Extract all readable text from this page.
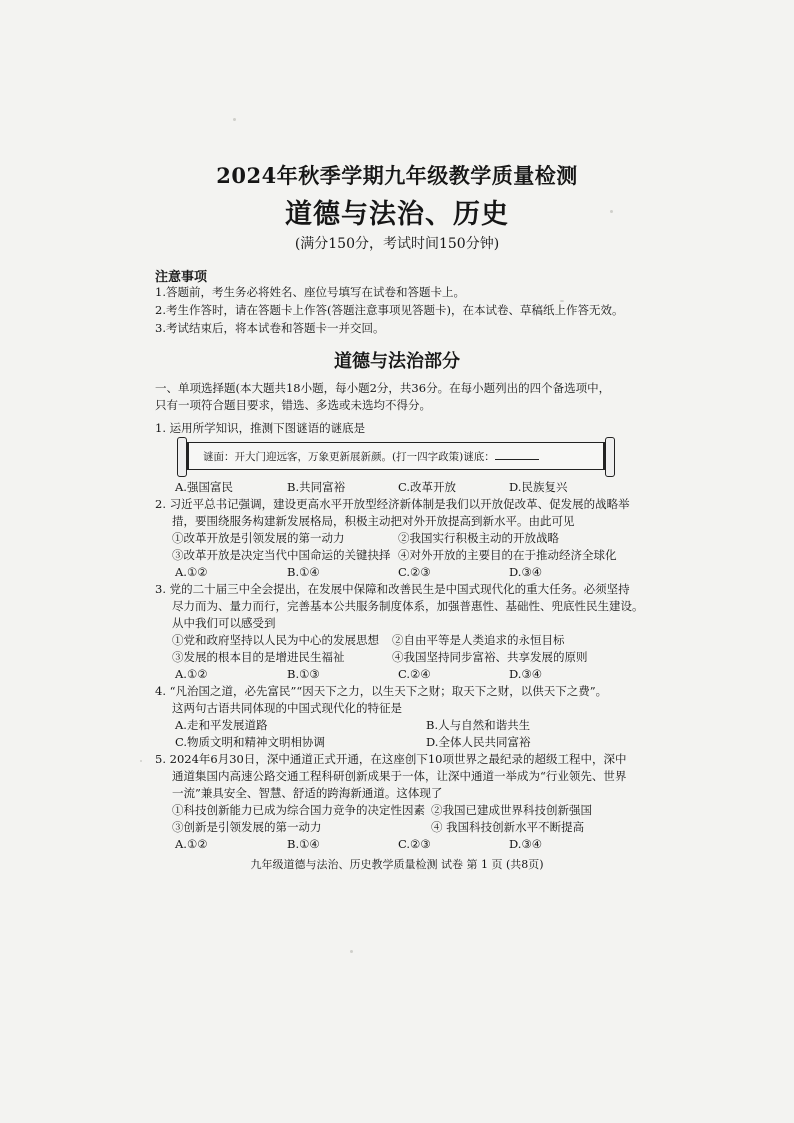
2024年秋季学期九年级教学质量检测
道德与法治、历史
(满分150分，考试时间150分钟)
注意事项
1.答题前，考生务必将姓名、座位号填写在试卷和答题卡上。
2.考生作答时，请在答题卡上作答(答题注意事项见答题卡)，在本试卷、草稿纸上作答无效。
3.考试结束后，将本试卷和答题卡一并交回。
道德与法治部分
一、单项选择题(本大题共18小题，每小题2分，共36分。在每小题列出的四个备选项中，
只有一项符合题目要求，错选、多选或未选均不得分。
1. 运用所学知识，推测下图谜语的谜底是
谜面：开大门迎远客，万象更新展新颜。(打一四字政策)谜底：
A.强国富民	B.共同富裕	C.改革开放	D.民族复兴
2. 习近平总书记强调，建设更高水平开放型经济新体制是我们以开放促改革、促发展的战略举
措，要围绕服务构建新发展格局，积极主动把对外开放提高到新水平。由此可见
①改革开放是引领发展的第一动力	②我国实行积极主动的开放战略
③改革开放是决定当代中国命运的关键抉择 ④对外开放的主要目的在于推动经济全球化
A.①②	B.①④	C.②③	D.③④
3. 党的二十届三中全会提出，在发展中保障和改善民生是中国式现代化的重大任务。必须坚持
尽力而为、量力而行，完善基本公共服务制度体系，加强普惠性、基础性、兜底性民生建设。
从中我们可以感受到
①党和政府坚持以人民为中心的发展思想 ②自由平等是人类追求的永恒目标
③发展的根本目的是增进民生福祉	④我国坚持同步富裕、共享发展的原则
A.①②	B.①③	C.②④	D.③④
4. “凡治国之道，必先富民”“因天下之力，以生天下之财；取天下之财，以供天下之费”。
这两句古语共同体现的中国式现代化的特征是
A.走和平发展道路	B.人与自然和谐共生
C.物质文明和精神文明相协调	D.全体人民共同富裕
5. 2024年6月30日，深中通道正式开通，在这座创下10项世界之最纪录的超级工程中，深中
通道集国内高速公路交通工程科研创新成果于一体，让深中通道一举成为“行业领先、世界
一流”兼具安全、智慧、舒适的跨海新通道。这体现了
①科技创新能力已成为综合国力竞争的决定性因素 ②我国已建成世界科技创新强国
③创新是引领发展的第一动力	④ 我国科技创新水平不断提高
A.①②	B.①④	C.②③	D.③④
九年级道德与法治、历史教学质量检测 试卷 第 1 页 (共8页)
